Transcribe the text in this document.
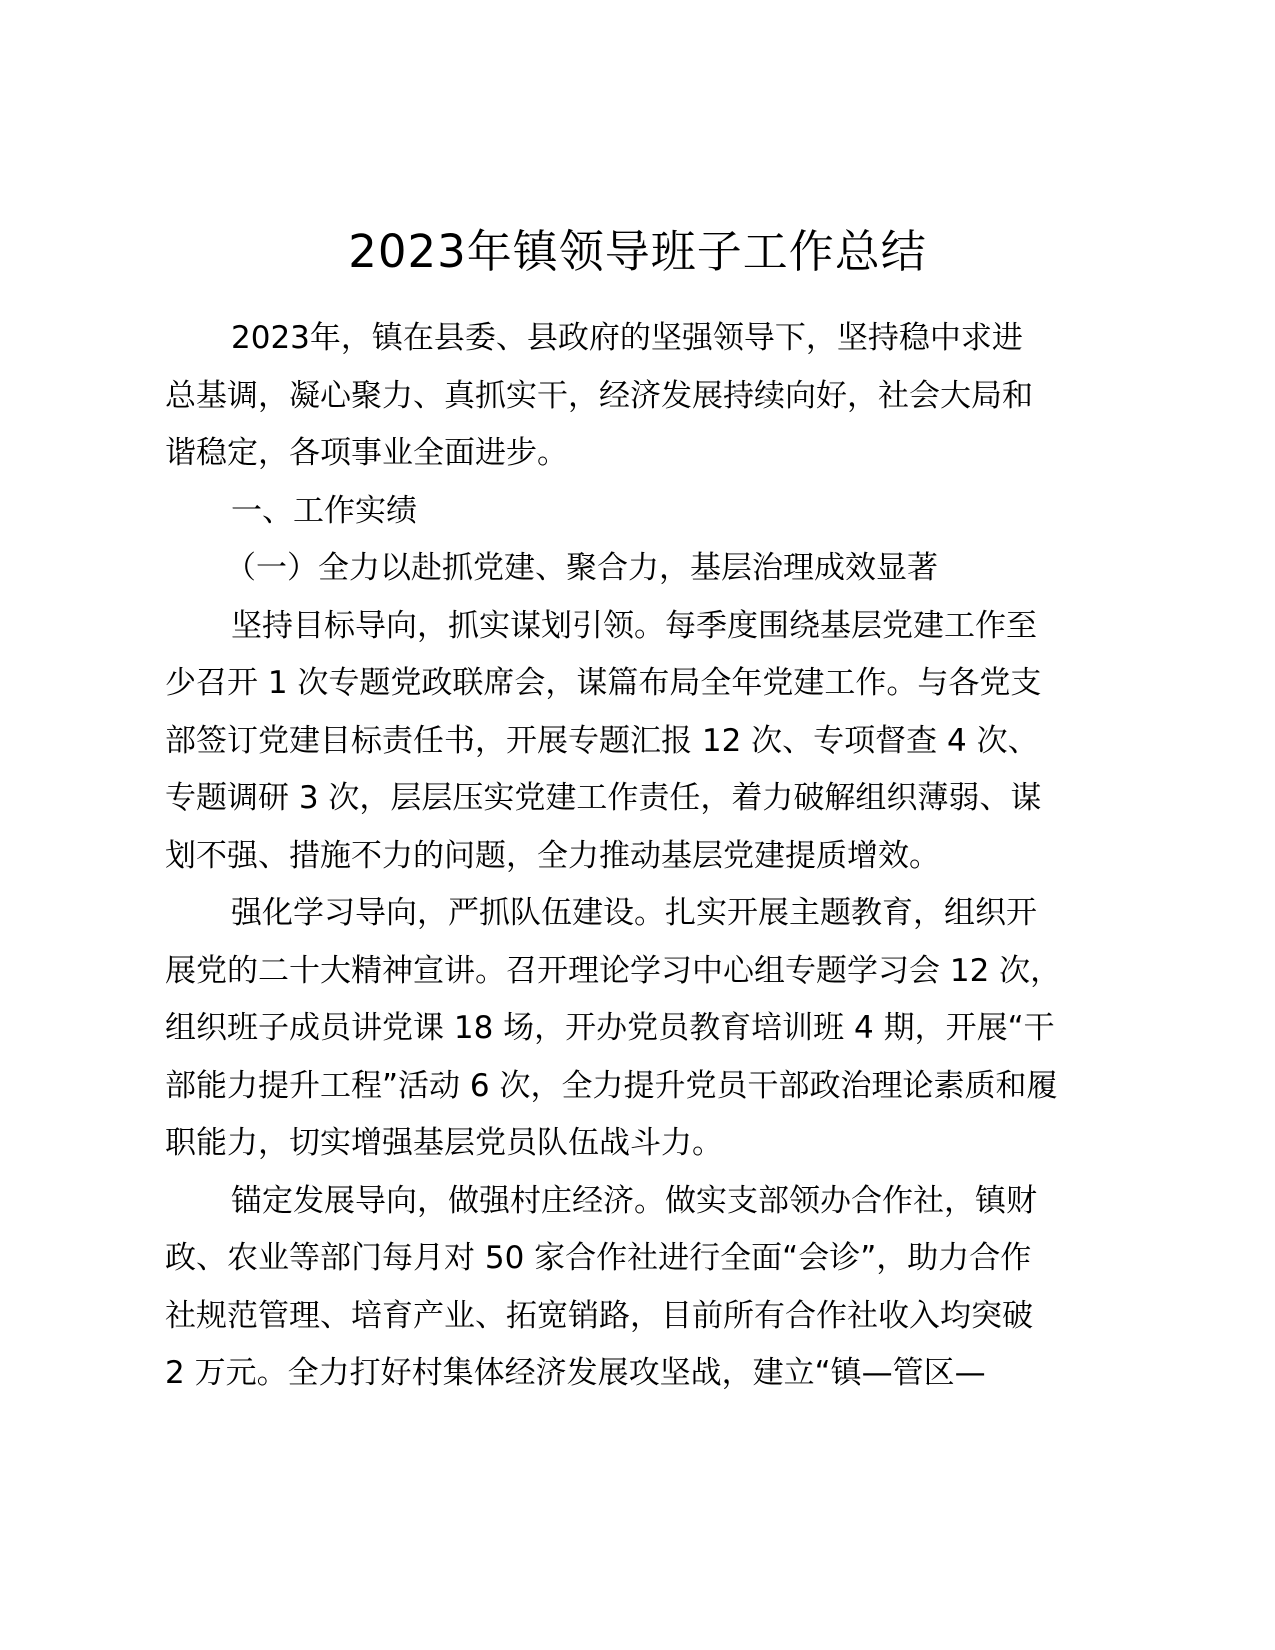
2023年镇领导班子工作总结
2023年，镇在县委、县政府的坚强领导下，坚持稳中求进
总基调，凝心聚力、真抓实干，经济发展持续向好，社会大局和
谐稳定，各项事业全面进步。
一、工作实绩
（一）全力以赴抓党建、聚合力，基层治理成效显著
坚持目标导向，抓实谋划引领。每季度围绕基层党建工作至
少召开 1 次专题党政联席会，谋篇布局全年党建工作。与各党支
部签订党建目标责任书，开展专题汇报 12 次、专项督查 4 次、
专题调研 3 次，层层压实党建工作责任，着力破解组织薄弱、谋
划不强、措施不力的问题，全力推动基层党建提质增效。
强化学习导向，严抓队伍建设。扎实开展主题教育，组织开
展党的二十大精神宣讲。召开理论学习中心组专题学习会 12 次，
组织班子成员讲党课 18 场，开办党员教育培训班 4 期，开展“干
部能力提升工程”活动 6 次，全力提升党员干部政治理论素质和履
职能力，切实增强基层党员队伍战斗力。
锚定发展导向，做强村庄经济。做实支部领办合作社，镇财
政、农业等部门每月对 50 家合作社进行全面“会诊”，助力合作
社规范管理、培育产业、拓宽销路，目前所有合作社收入均突破
2 万元。全力打好村集体经济发展攻坚战，建立“镇—管区—
